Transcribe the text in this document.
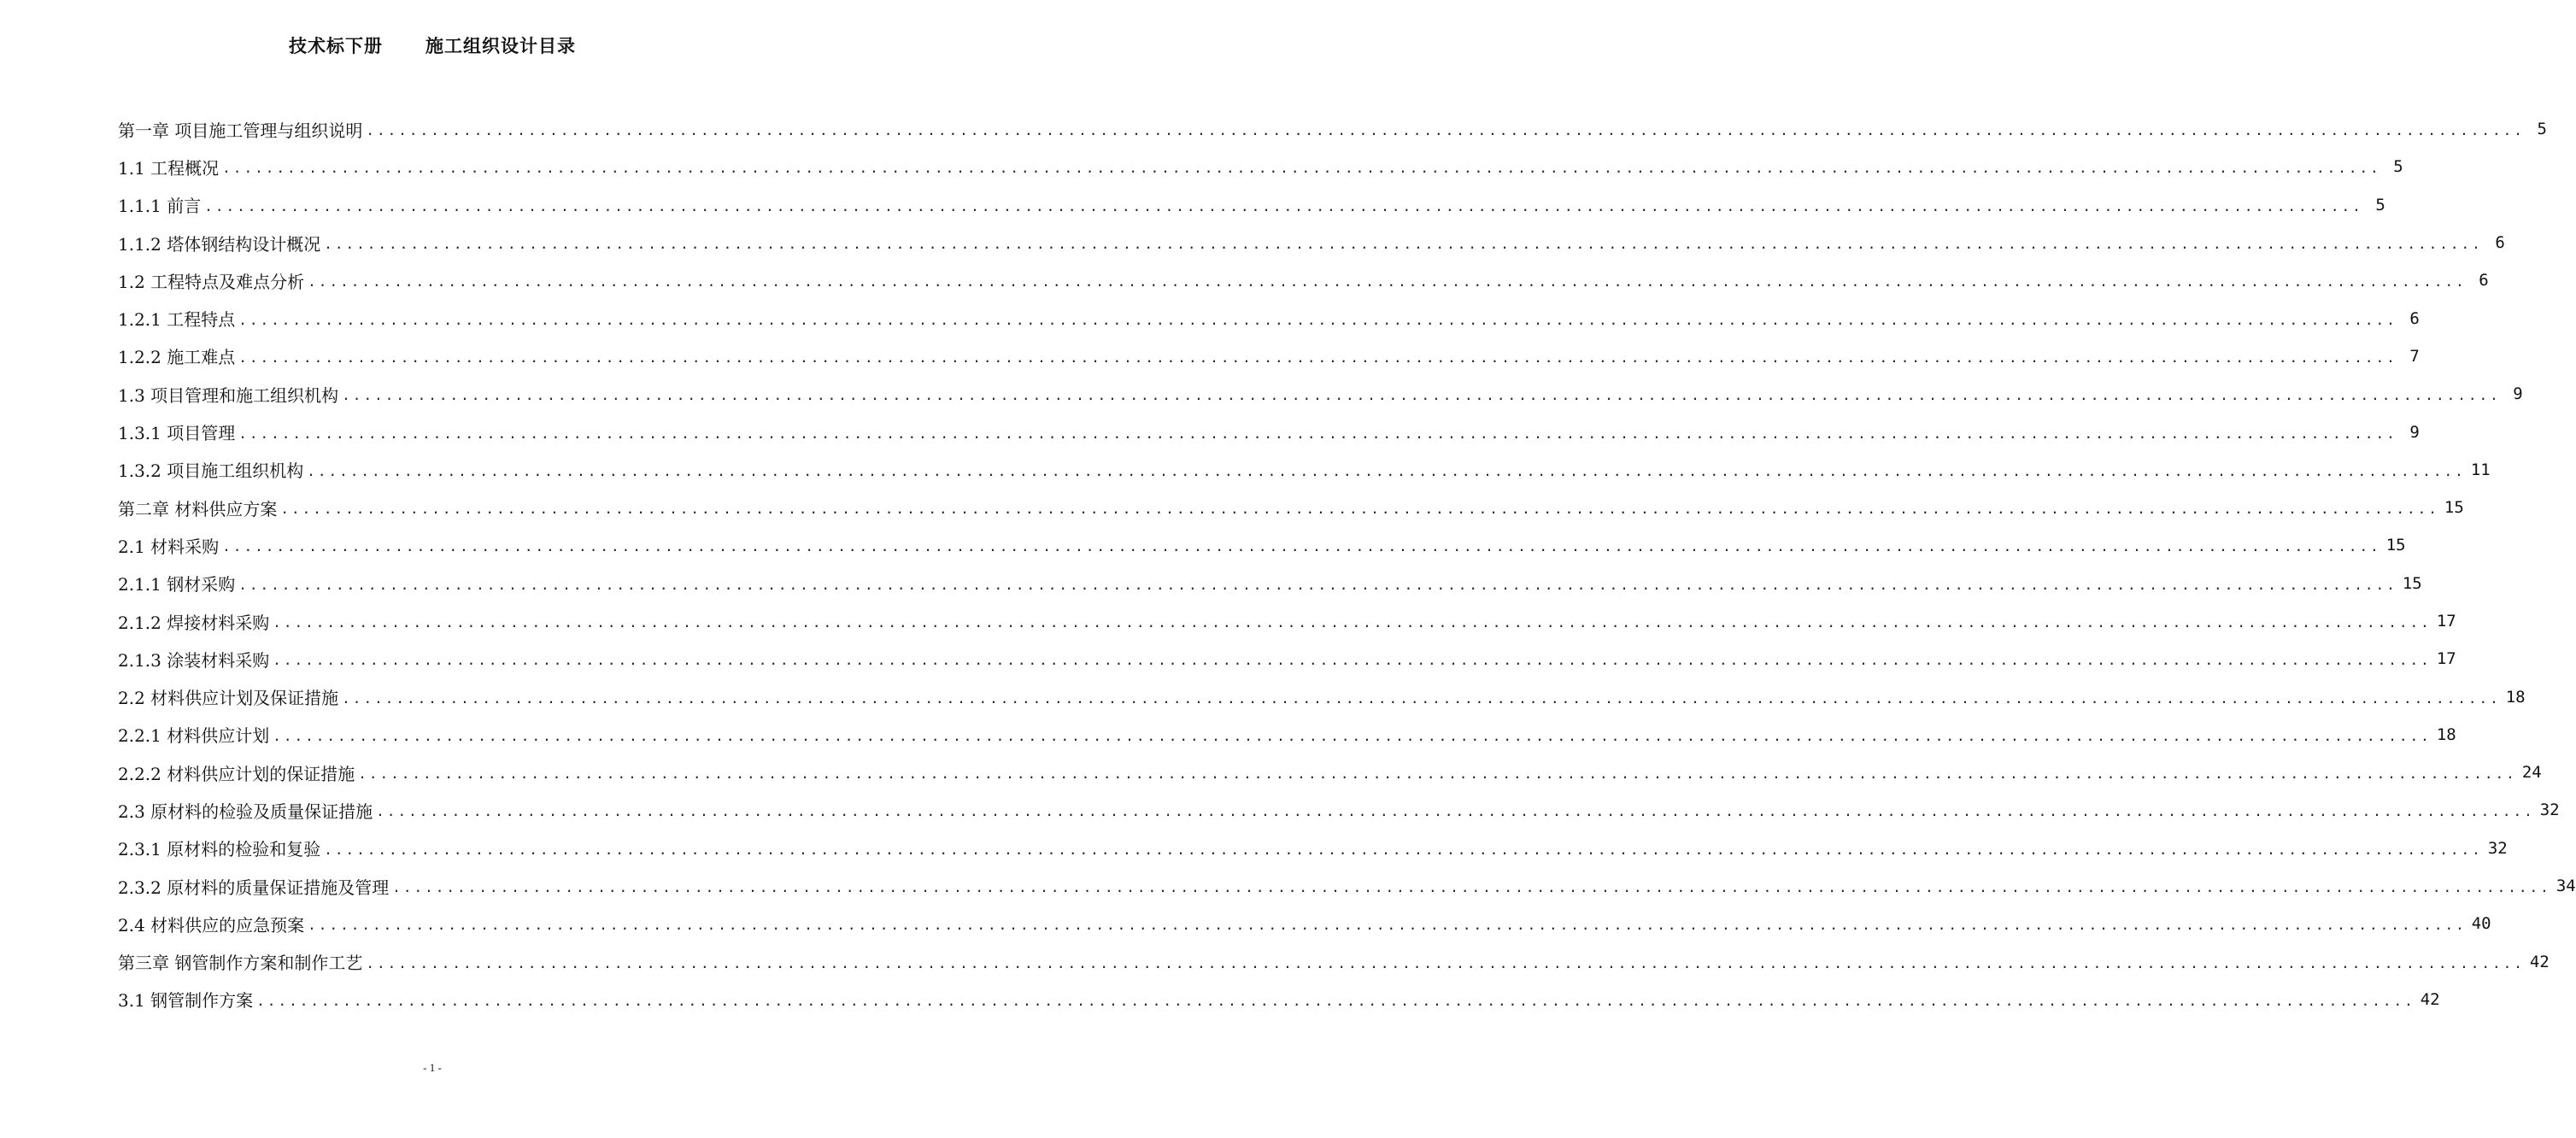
技术标下册 施工组织设计目录
第一章 项目施工管理与组织说明 ........................................................................................................................................................................................................ 5
1.1 工程概况 ........................................................................................................................................................................................................ 5
1.1.1 前言 ........................................................................................................................................................................................................ 5
1.1.2 塔体钢结构设计概况 ........................................................................................................................................................................................................ 6
1.2 工程特点及难点分析 ........................................................................................................................................................................................................ 6
1.2.1 工程特点 ........................................................................................................................................................................................................ 6
1.2.2 施工难点 ........................................................................................................................................................................................................ 7
1.3 项目管理和施工组织机构 ........................................................................................................................................................................................................ 9
1.3.1 项目管理 ........................................................................................................................................................................................................ 9
1.3.2 项目施工组织机构 ........................................................................................................................................................................................................ 11
第二章 材料供应方案 ........................................................................................................................................................................................................ 15
2.1 材料采购 ........................................................................................................................................................................................................ 15
2.1.1 钢材采购 ........................................................................................................................................................................................................ 15
2.1.2 焊接材料采购 ........................................................................................................................................................................................................ 17
2.1.3 涂装材料采购 ........................................................................................................................................................................................................ 17
2.2 材料供应计划及保证措施 ........................................................................................................................................................................................................ 18
2.2.1 材料供应计划 ........................................................................................................................................................................................................ 18
2.2.2 材料供应计划的保证措施 ........................................................................................................................................................................................................ 24
2.3 原材料的检验及质量保证措施 ........................................................................................................................................................................................................ 32
2.3.1 原材料的检验和复验 ........................................................................................................................................................................................................ 32
2.3.2 原材料的质量保证措施及管理 ........................................................................................................................................................................................................ 34
2.4 材料供应的应急预案 ........................................................................................................................................................................................................ 40
第三章 钢管制作方案和制作工艺 ........................................................................................................................................................................................................ 42
3.1 钢管制作方案 ........................................................................................................................................................................................................ 42
- 1 -
